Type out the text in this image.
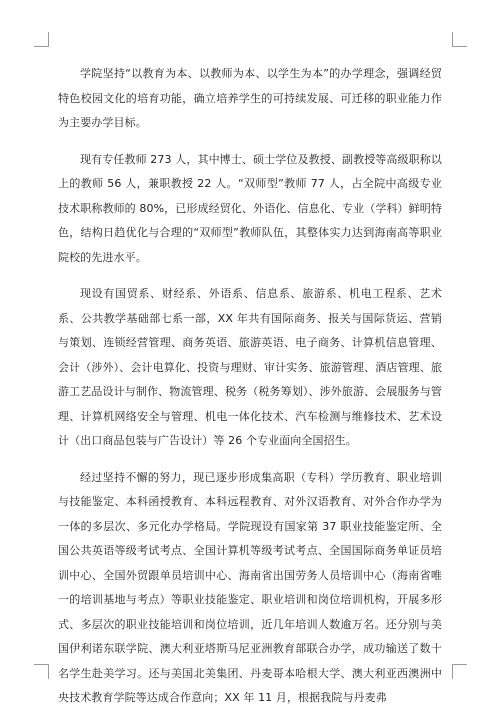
学院坚持“以教育为本、以教师为本、以学生为本”的办学理念，强调经贸特色校园文化的培育功能，确立培养学生的可持续发展、可迁移的职业能力作为主要办学目标。

现有专任教师 273 人，其中博士、硕士学位及教授、副教授等高级职称以上的教师 56 人，兼职教授 22 人。“双师型”教师 77 人，占全院中高级专业技术职称教师的 80%，已形成经贸化、外语化、信息化、专业（学科）鲜明特色，结构日趋优化与合理的“双师型”教师队伍，其整体实力达到海南高等职业院校的先进水平。

现设有国贸系、财经系、外语系、信息系、旅游系、机电工程系、艺术系、公共教学基础部七系一部，XX 年共有国际商务、报关与国际货运、营销与策划、连锁经营管理、商务英语、旅游英语、电子商务、计算机信息管理、会计（涉外）、会计电算化、投资与理财、审计实务、旅游管理、酒店管理、旅游工艺品设计与制作、物流管理、税务（税务筹划）、涉外旅游、会展服务与管理、计算机网络安全与管理、机电一体化技术、汽车检测与维修技术、艺术设计（出口商品包装与广告设计）等 26 个专业面向全国招生。

经过坚持不懈的努力，现已逐步形成集高职（专科）学历教育、职业培训与技能鉴定、本科函授教育、本科远程教育、对外汉语教育、对外合作办学为一体的多层次、多元化办学格局。学院现设有国家第 37 职业技能鉴定所、全国公共英语等级考试考点、全国计算机等级考试考点、全国国际商务单证员培训中心、全国外贸跟单员培训中心、海南省出国劳务人员培训中心（海南省唯一的培训基地与考点）等职业技能鉴定、职业培训和岗位培训机构，开展多形式、多层次的职业技能培训和岗位培训，近几年培训人数逾万名。还分别与美国伊利诺东联学院、澳大利亚塔斯马尼亚洲教育部联合办学，成功输送了数十名学生赴美学习。还与美国北美集团、丹麦哥本哈根大学、澳大利亚西澳洲中央技术教育学院等达成合作意向；XX 年 11 月，根据我院与丹麦弗
